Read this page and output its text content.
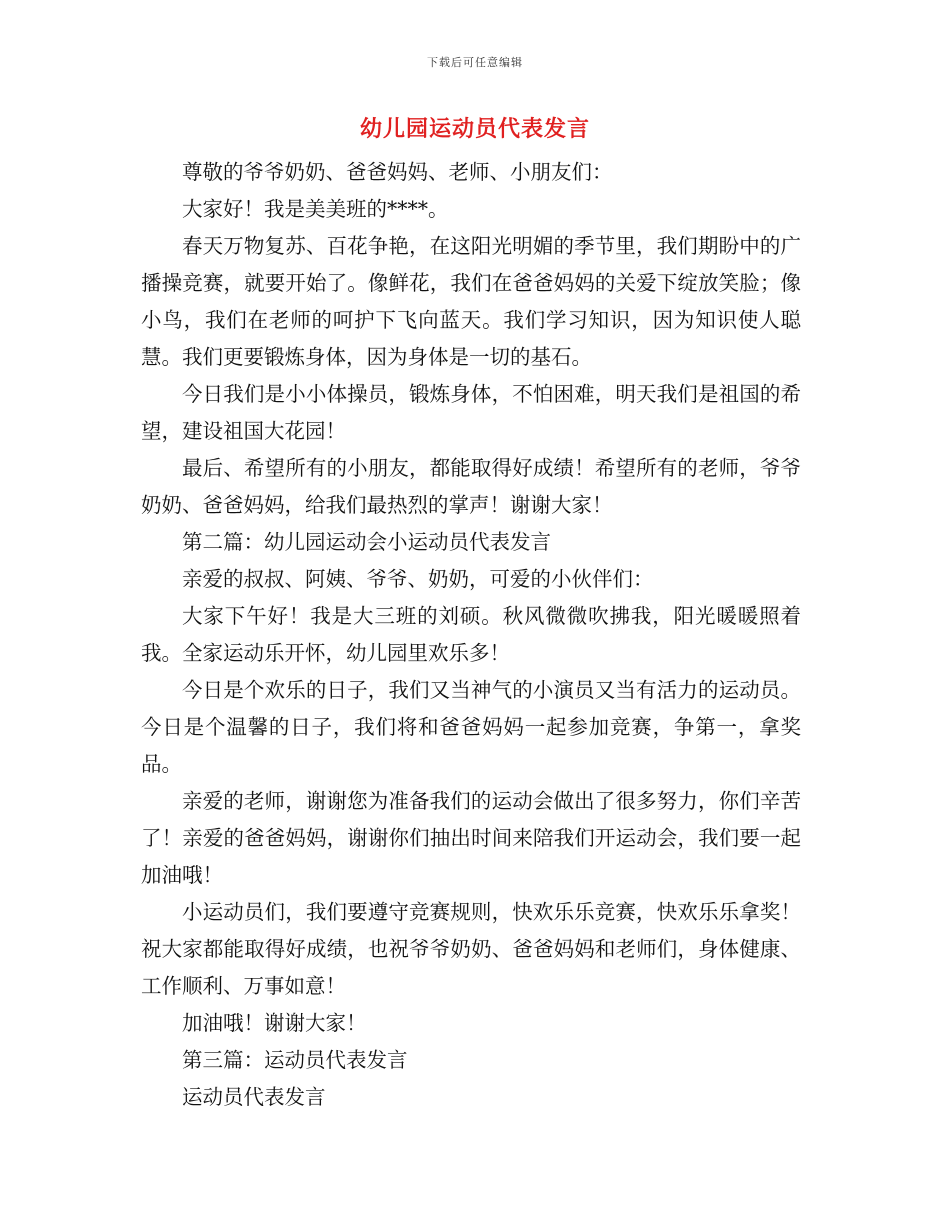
下载后可任意编辑
幼儿园运动员代表发言

尊敬的爷爷奶奶、爸爸妈妈、老师、小朋友们：

大家好！我是美美班的****。

春天万物复苏、百花争艳，在这阳光明媚的季节里，我们期盼中的广播操竞赛，就要开始了。像鲜花，我们在爸爸妈妈的关爱下绽放笑脸；像小鸟，我们在老师的呵护下飞向蓝天。我们学习知识，因为知识使人聪慧。我们更要锻炼身体，因为身体是一切的基石。

今日我们是小小体操员，锻炼身体，不怕困难，明天我们是祖国的希望，建设祖国大花园！

最后、希望所有的小朋友，都能取得好成绩！希望所有的老师，爷爷奶奶、爸爸妈妈，给我们最热烈的掌声！谢谢大家！

第二篇：幼儿园运动会小运动员代表发言

亲爱的叔叔、阿姨、爷爷、奶奶，可爱的小伙伴们：

大家下午好！我是大三班的刘硕。秋风微微吹拂我，阳光暖暖照着我。全家运动乐开怀，幼儿园里欢乐多！

今日是个欢乐的日子，我们又当神气的小演员又当有活力的运动员。今日是个温馨的日子，我们将和爸爸妈妈一起参加竞赛，争第一，拿奖品。

亲爱的老师，谢谢您为准备我们的运动会做出了很多努力，你们辛苦了！亲爱的爸爸妈妈，谢谢你们抽出时间来陪我们开运动会，我们要一起加油哦！

小运动员们，我们要遵守竞赛规则，快欢乐乐竞赛，快欢乐乐拿奖！祝大家都能取得好成绩，也祝爷爷奶奶、爸爸妈妈和老师们，身体健康、工作顺利、万事如意！

加油哦！谢谢大家！

第三篇：运动员代表发言

运动员代表发言
